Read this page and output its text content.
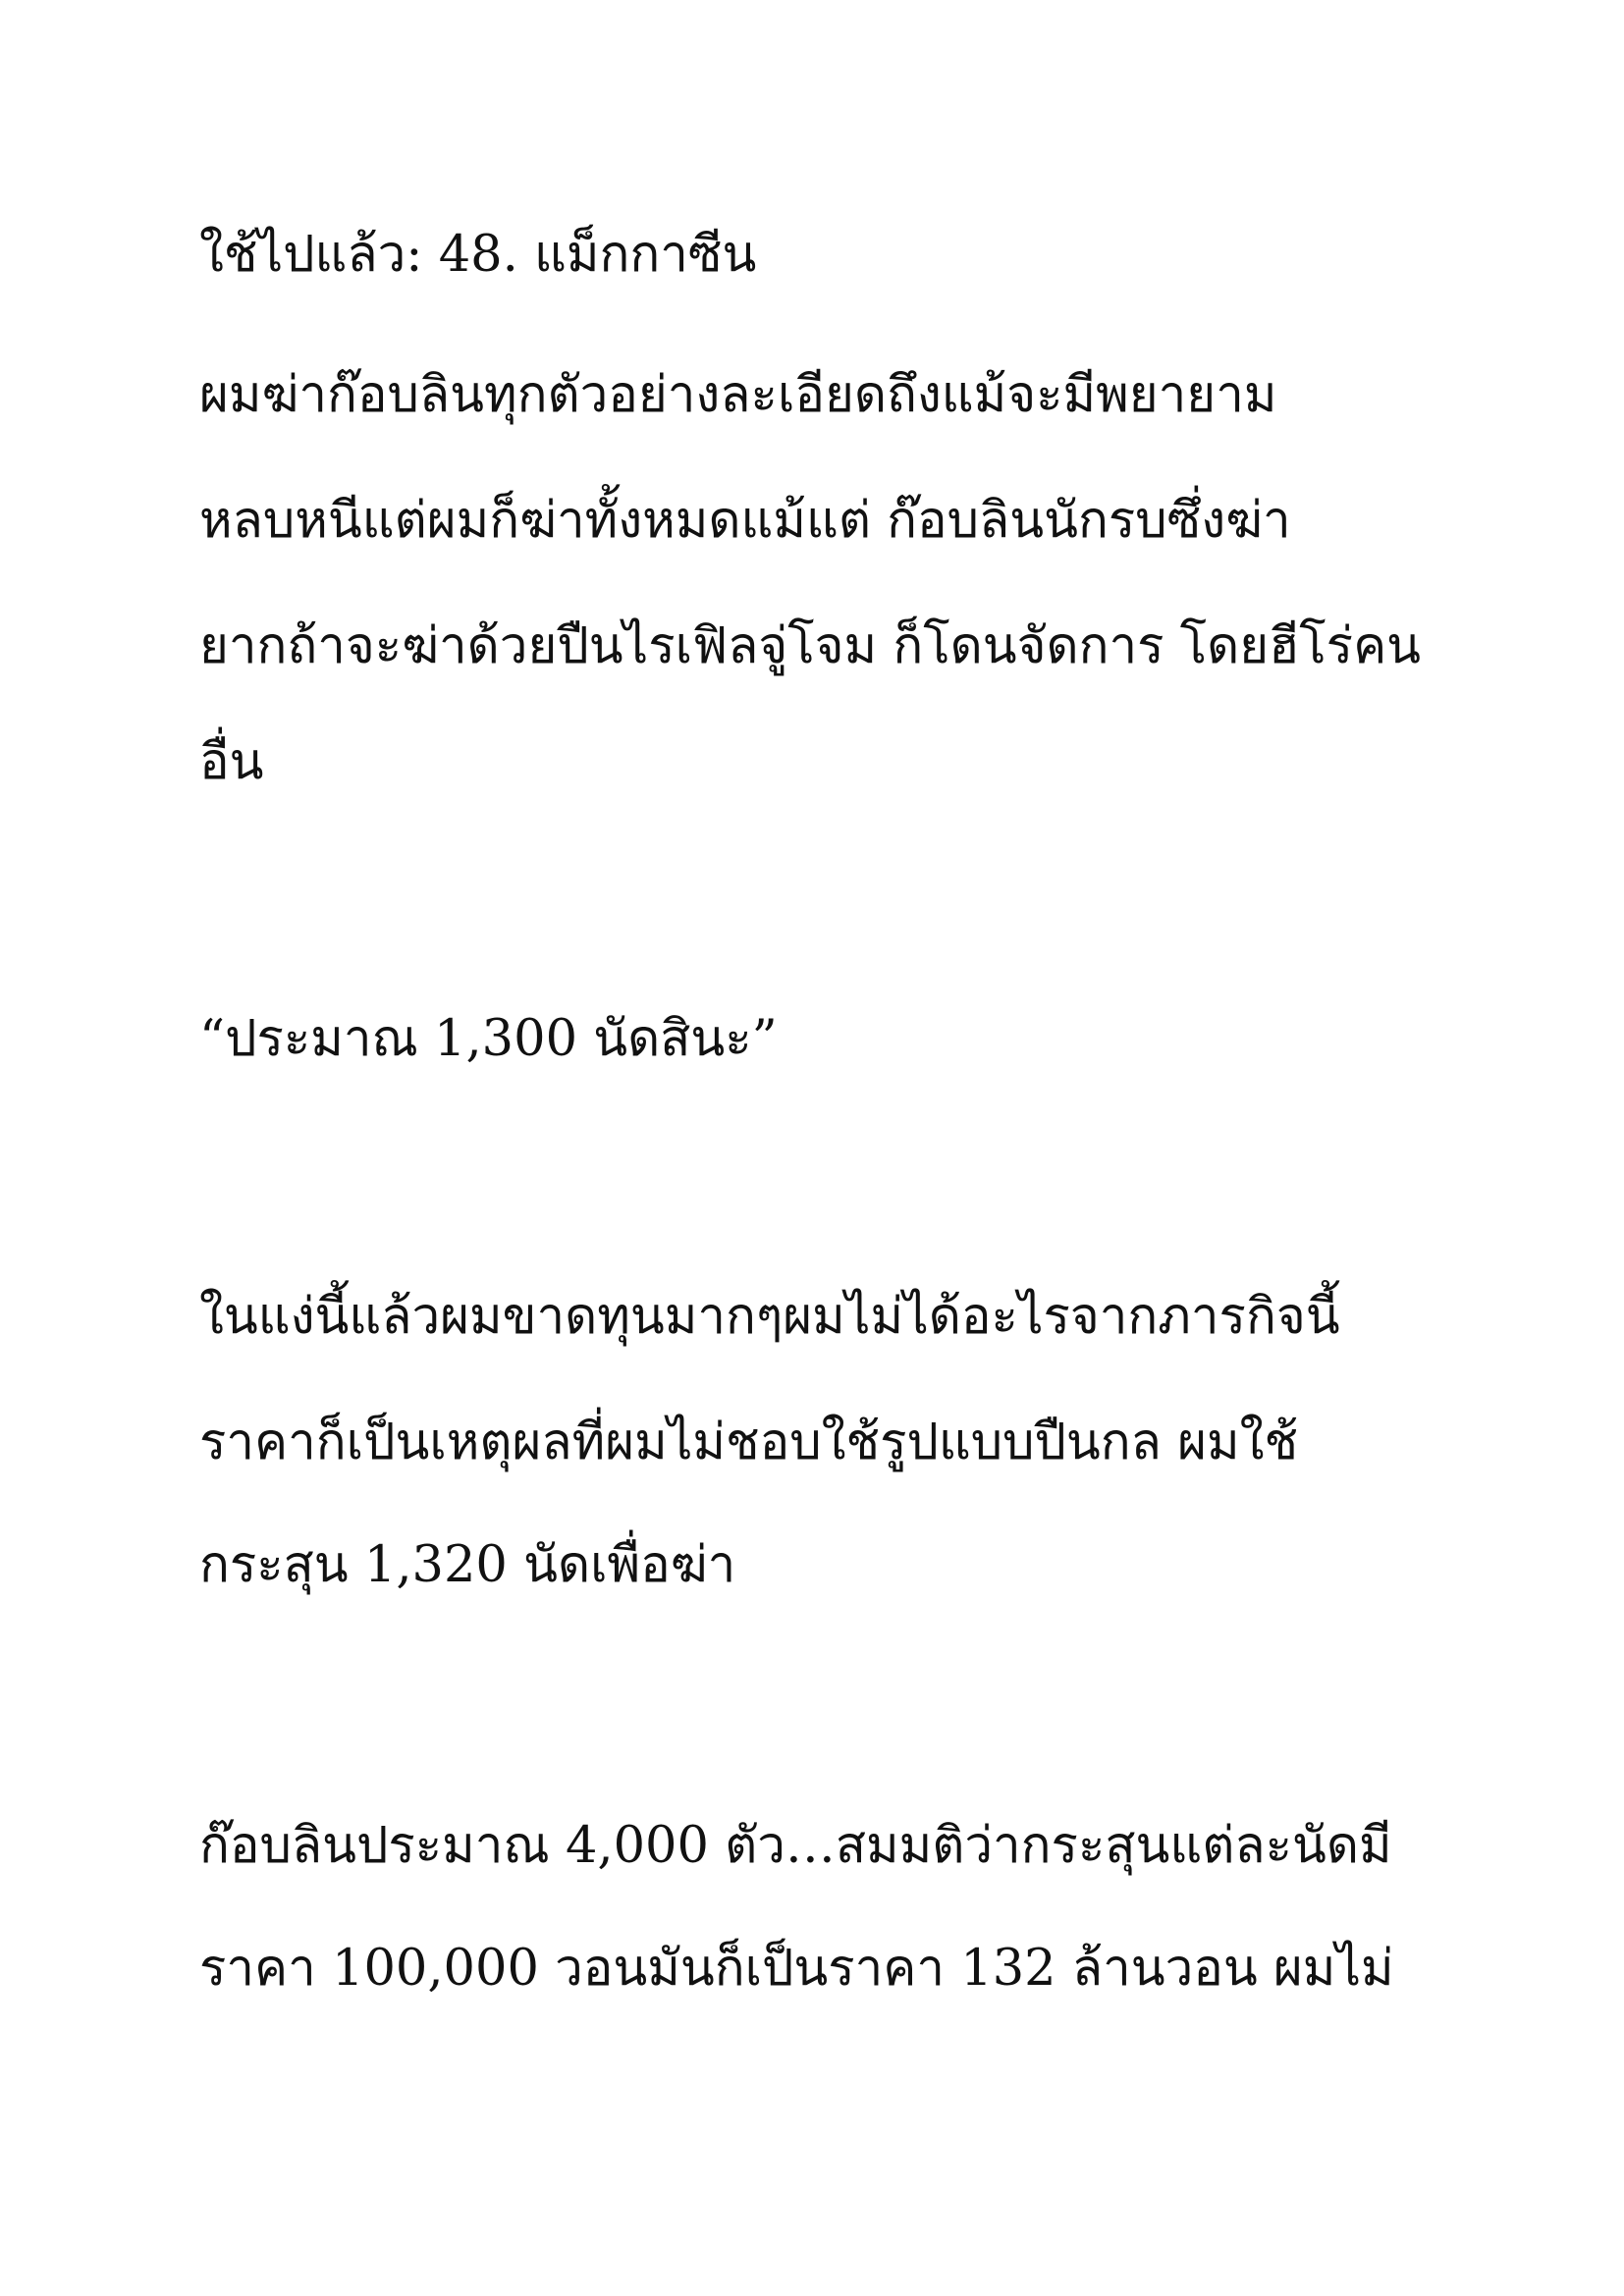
ใช้ไปแล้ว: 48. แม็กกาซีน
ผมฆ่าก๊อบลินทุกตัวอย่างละเอียดถึงแม้จะมีพยายาม
หลบหนีแต่ผมก็ฆ่าทั้งหมดแม้แต่ ก๊อบลินนักรบซึ่งฆ่า
ยากถ้าจะฆ่าด้วยปืนไรเฟิลจู่โจม ก็โดนจัดการ โดยฮีโร่คน
อื่น
“ประมาณ 1,300 นัดสินะ”
ในแง่นี้แล้วผมขาดทุนมากๆผมไม่ได้อะไรจากภารกิจนี้
ราคาก็เป็นเหตุผลที่ผมไม่ชอบใช้รูปแบบปืนกล ผมใช้
กระสุน 1,320 นัดเพื่อฆ่า
ก๊อบลินประมาณ 4,000 ตัว…สมมติว่ากระสุนแต่ละนัดมี
ราคา 100,000 วอนมันก็เป็นราคา 132 ล้านวอน ผมไม่
